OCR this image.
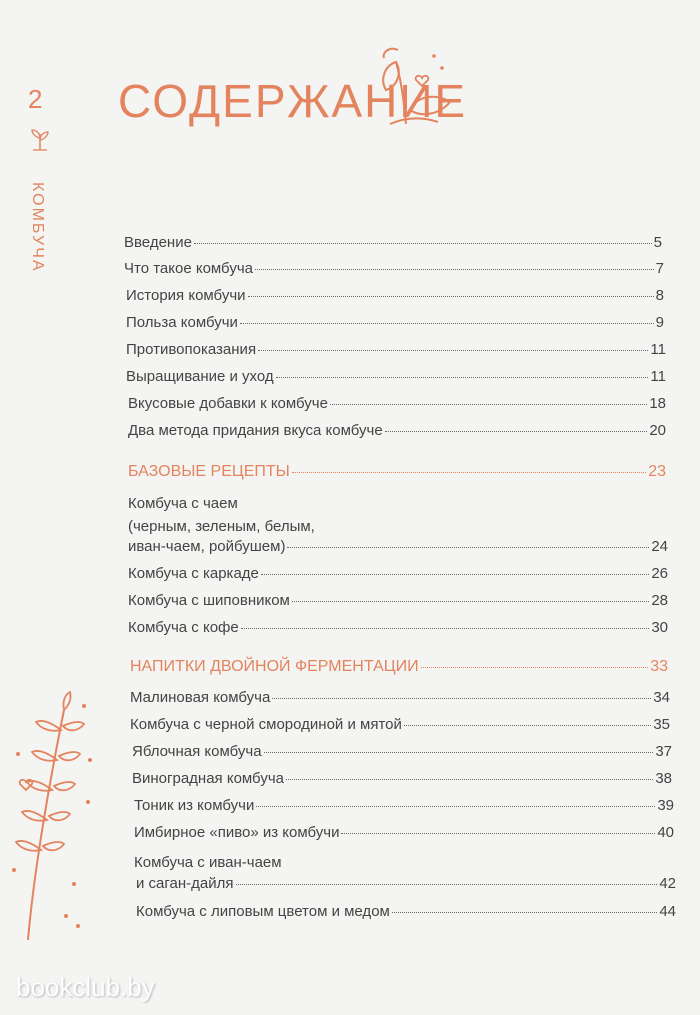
2
КОМБУЧА
СОДЕРЖАНИЕ
Введение	5
Что такое комбуча	7
История комбучи	8
Польза комбучи	9
Противопоказания	11
Выращивание и уход	11
Вкусовые добавки к комбуче	18
Два метода придания вкуса комбуче	20
БАЗОВЫЕ РЕЦЕПТЫ	23
Комбуча с чаем
(черным, зеленым, белым,
иван-чаем, ройбушем)	24
Комбуча с каркаде	26
Комбуча с шиповником	28
Комбуча с кофе	30
НАПИТКИ ДВОЙНОЙ ФЕРМЕНТАЦИИ	33
Малиновая комбуча	34
Комбуча с черной смородиной и мятой	35
Яблочная комбуча	37
Виноградная комбуча	38
Тоник из комбучи	39
Имбирное «пиво» из комбучи	40
Комбуча с иван-чаем
и саган-дайля	42
Комбуча с липовым цветом и медом	44
bookclub.by
